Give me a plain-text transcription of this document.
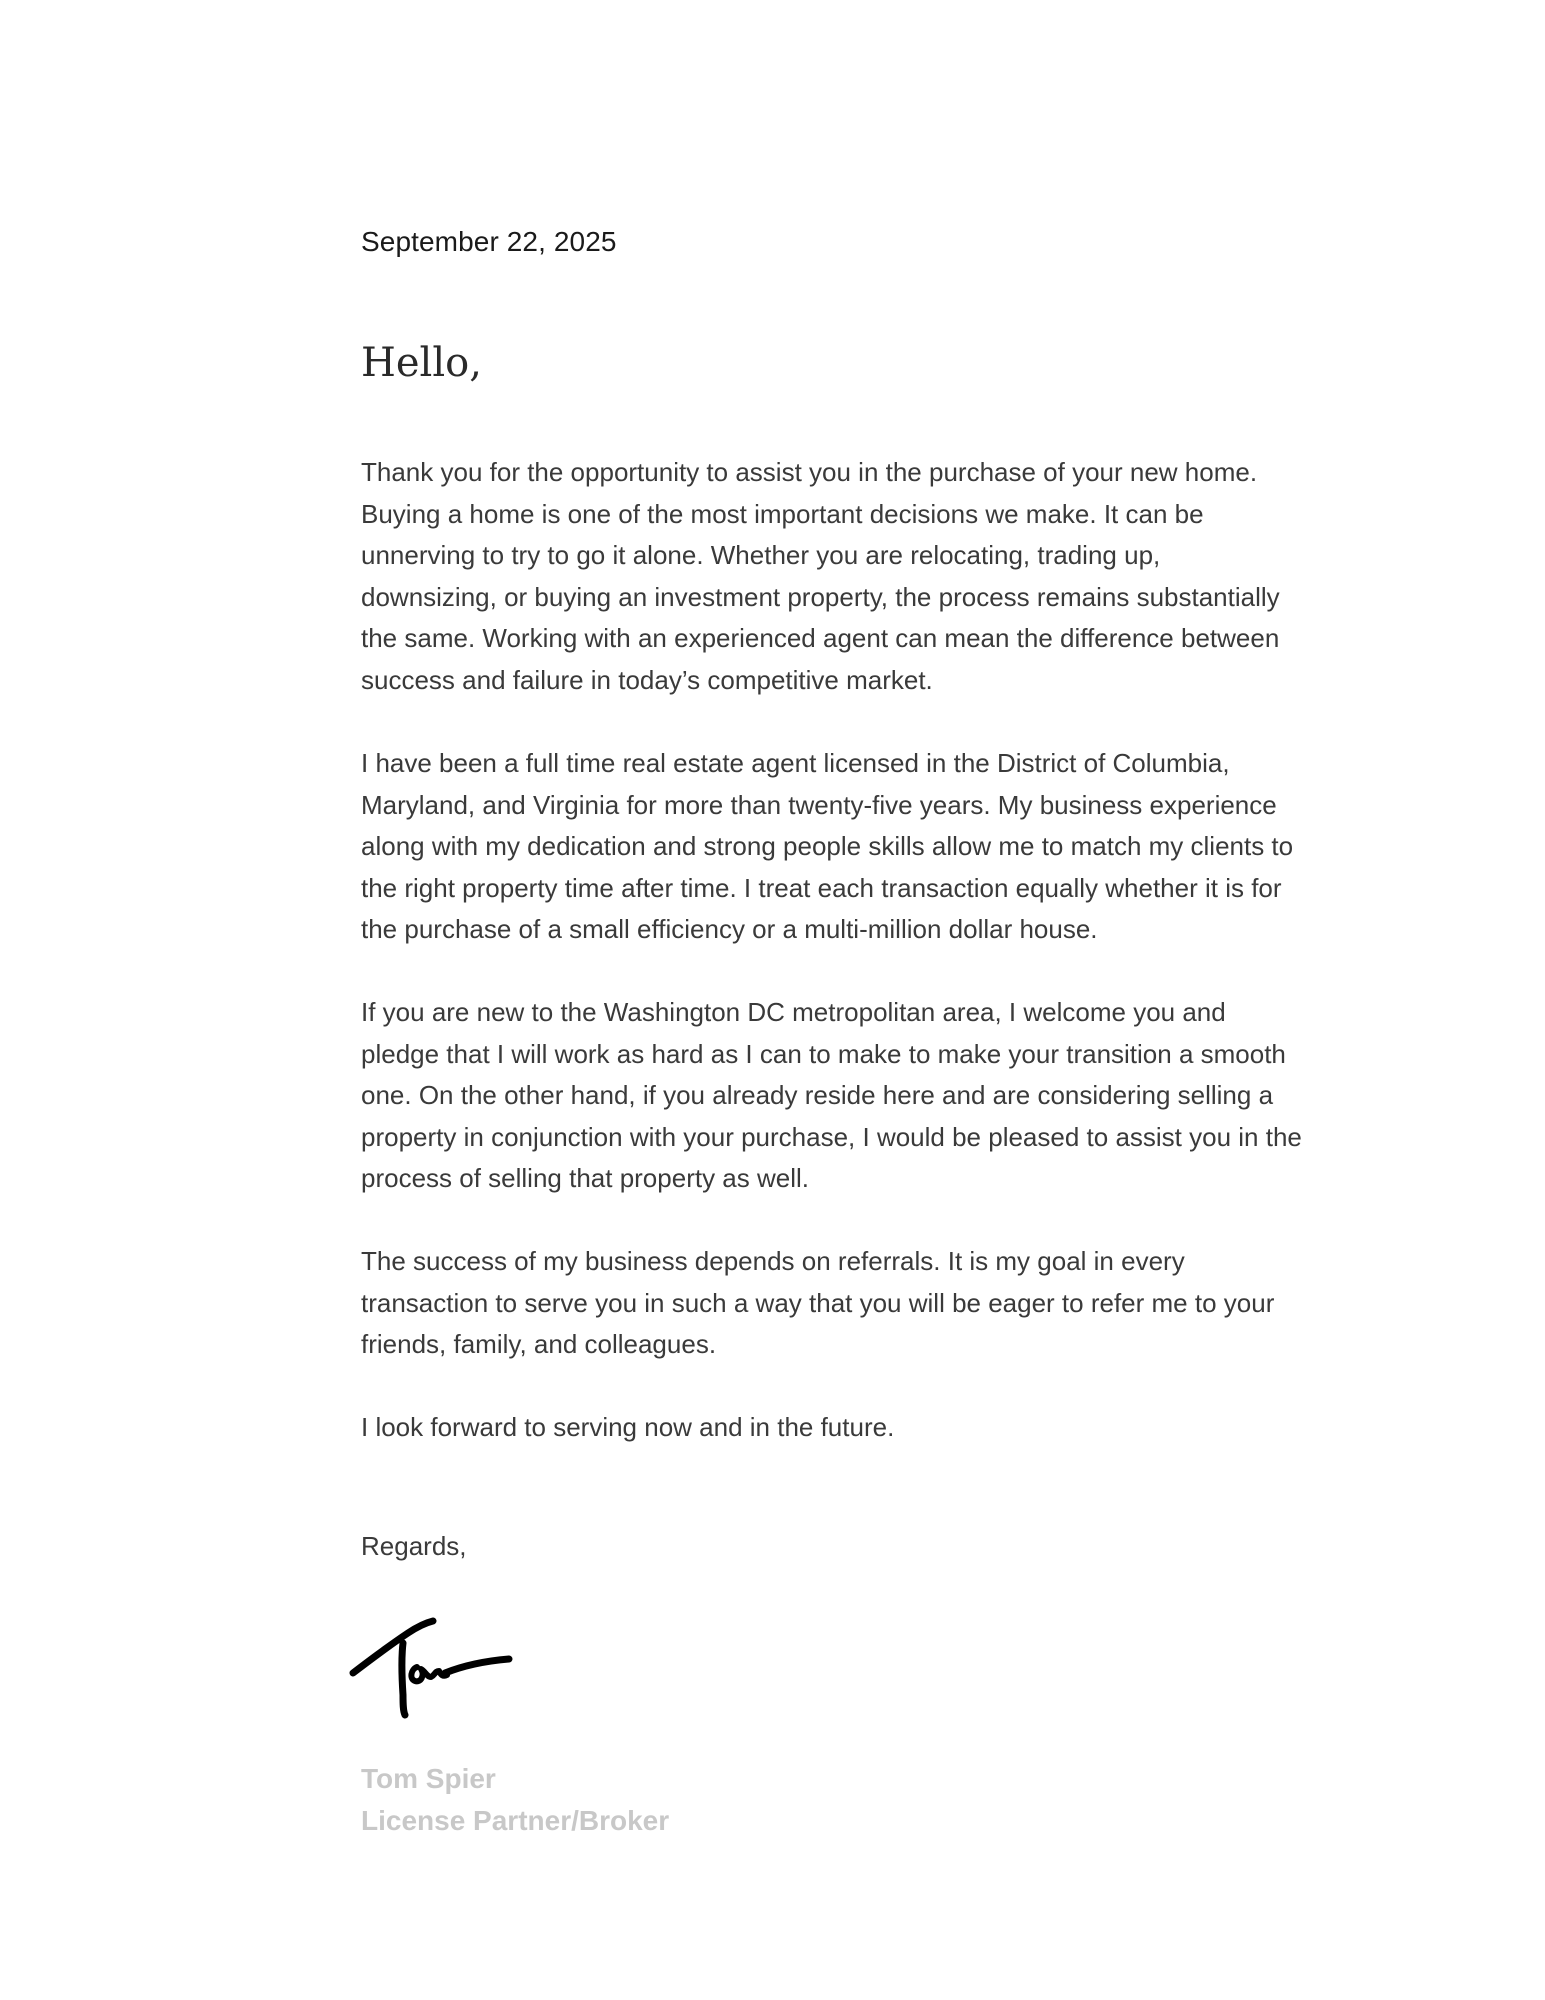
September 22, 2025
Hello,
Thank you for the opportunity to assist you in the purchase of your new home.
Buying a home is one of the most important decisions we make. It can be
unnerving to try to go it alone. Whether you are relocating, trading up,
downsizing, or buying an investment property, the process remains substantially
the same. Working with an experienced agent can mean the difference between
success and failure in today’s competitive market.
I have been a full time real estate agent licensed in the District of Columbia,
Maryland, and Virginia for more than twenty-five years. My business experience
along with my dedication and strong people skills allow me to match my clients to
the right property time after time. I treat each transaction equally whether it is for
the purchase of a small efficiency or a multi-million dollar house.
If you are new to the Washington DC metropolitan area, I welcome you and
pledge that I will work as hard as I can to make to make your transition a smooth
one. On the other hand, if you already reside here and are considering selling a
property in conjunction with your purchase, I would be pleased to assist you in the
process of selling that property as well.
The success of my business depends on referrals. It is my goal in every
transaction to serve you in such a way that you will be eager to refer me to your
friends, family, and colleagues.
I look forward to serving now and in the future.
Regards,
Tom Spier
License Partner/Broker
